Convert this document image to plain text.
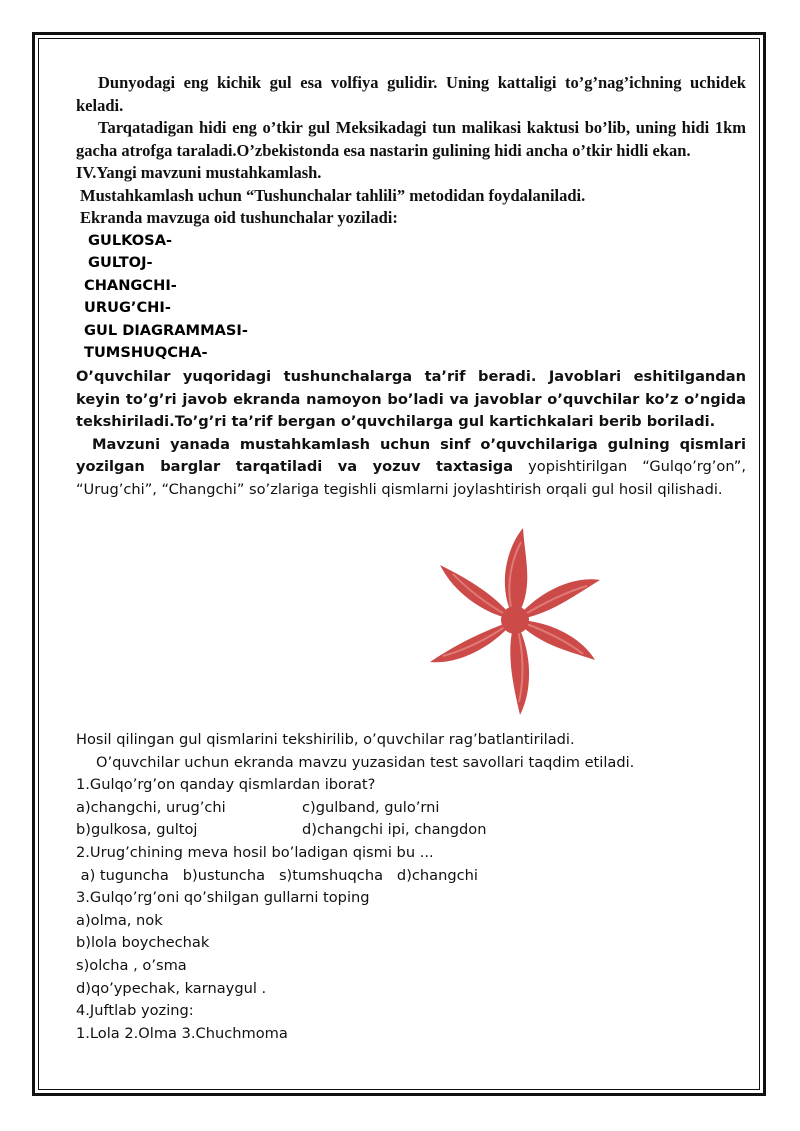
Dunyodagi eng kichik gul esa volfiya gulidir. Uning kattaligi to’g’nag’ichning uchidek keladi.

Tarqatadigan hidi eng o’tkir gul Meksikadagi tun malikasi kaktusi bo’lib, uning hidi 1km gacha atrofga taraladi.O’zbekistonda esa nastarin gulining hidi ancha o’tkir hidli ekan.

IV.Yangi mavzuni mustahkamlash.

Mustahkamlash uchun “Tushunchalar tahlili” metodidan foydalaniladi.

Ekranda mavzuga oid tushunchalar yoziladi:

GULKOSA-
GULTOJ-
CHANGCHI-
URUG’CHI-
GUL DIAGRAMMASI-
TUMSHUQCHA-

O’quvchilar yuqoridagi tushunchalarga ta’rif beradi. Javoblari eshitilgandan keyin to’g’ri javob ekranda namoyon bo’ladi va javoblar o’quvchilar ko’z o’ngida tekshiriladi.To’g’ri ta’rif bergan o’quvchilarga gul kartichkalari berib boriladi.

Mavzuni yanada mustahkamlash uchun sinf o’quvchilariga gulning qismlari yozilgan barglar tarqatiladi va yozuv taxtasiga yopishtirilgan “Gulqo’rg’on”, “Urug’chi”, “Changchi” so’zlariga tegishli qismlarni joylashtirish orqali gul hosil qilishadi.

Hosil qilingan gul qismlarini tekshirilib, o’quvchilar rag’batlantiriladi.

O’quvchilar uchun ekranda mavzu yuzasidan test savollari taqdim etiladi.

1.Gulqo’rg’on qanday qismlardan iborat?

a)changchi, urug’chi	c)gulband, gulo’rni
b)gulkosa, gultoj	d)changchi ipi, changdon

2.Urug’chining meva hosil bo’ladigan qismi bu ...

a) tuguncha   b)ustuncha   s)tumshuqcha   d)changchi

3.Gulqo’rg’oni qo’shilgan gullarni toping

a)olma, nok

b)lola boychechak

s)olcha , o’sma

d)qo’ypechak, karnaygul .

4.Juftlab yozing:

1.Lola 2.Olma 3.Chuchmoma
